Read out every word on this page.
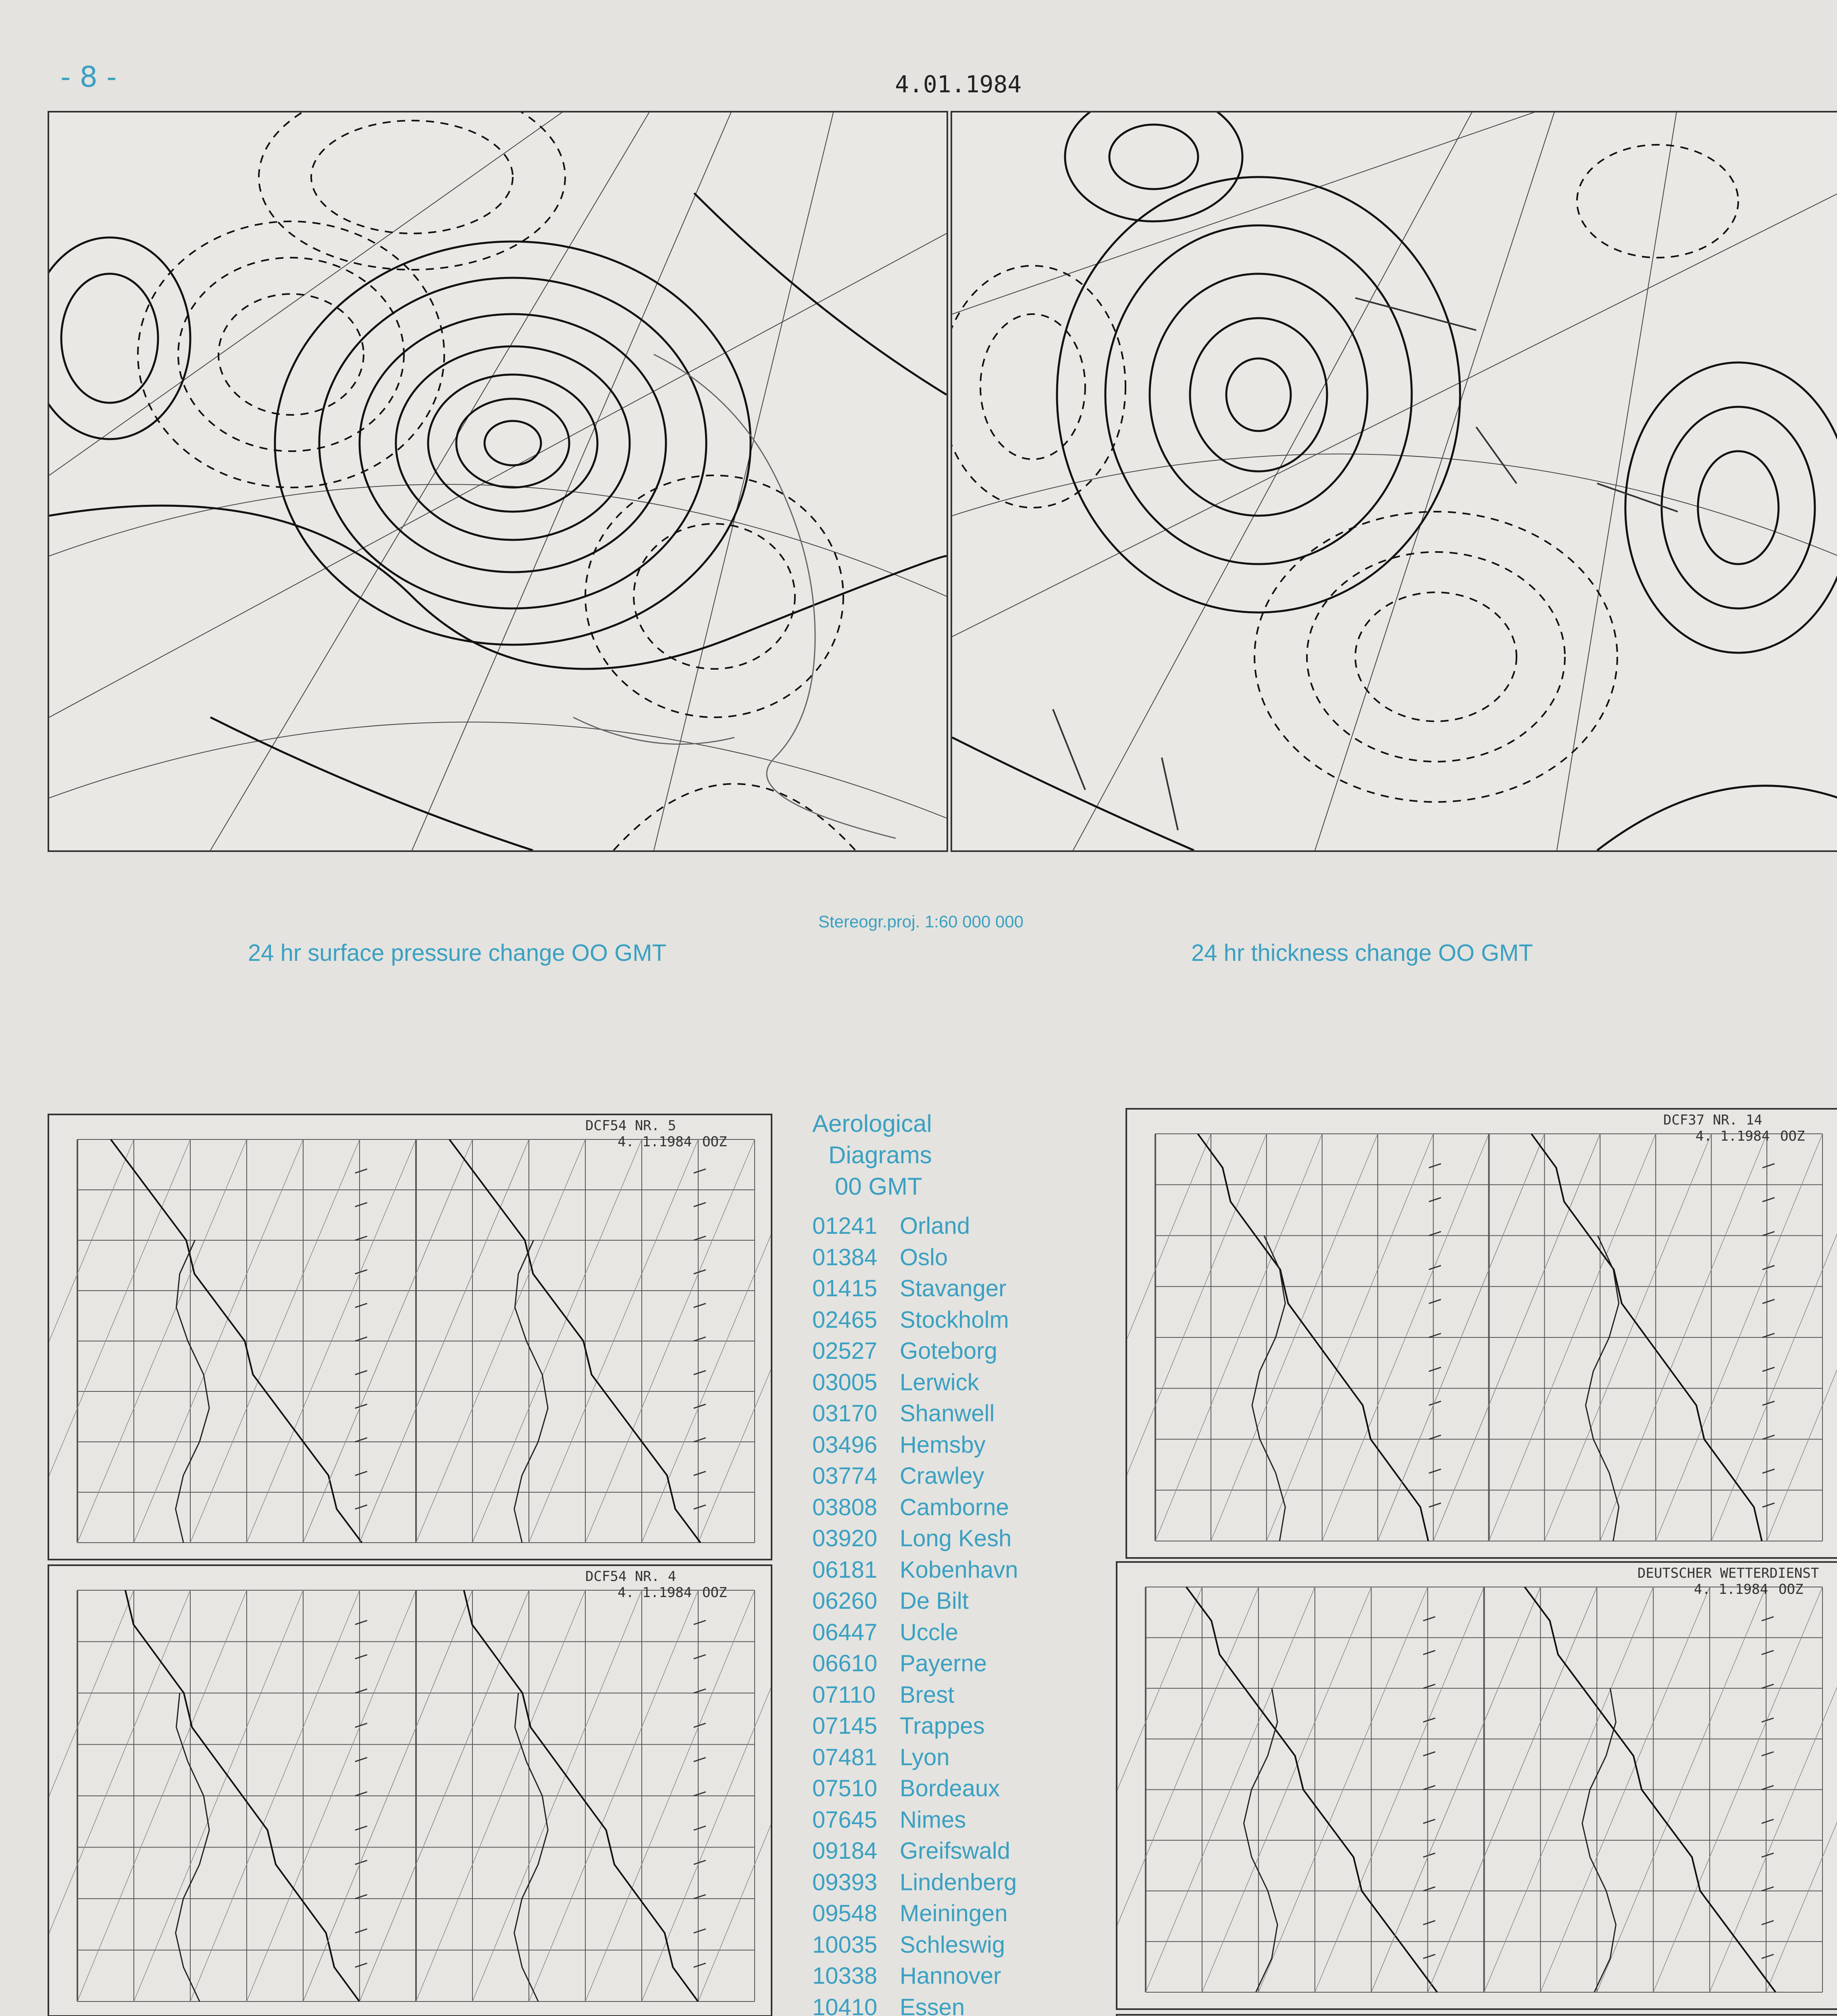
- 8 -	4.01.1984
Stereogr.proj. 1:60 000 000
24 hr surface pressure change OO GMT	24 hr thickness change OO GMT
DCF54 NR. 5
4. 1.1984 OOZ
DCF54 NR. 4
4. 1.1984 OOZ
DCF37 NR. 14
4. 1.1984 OOZ
DEUTSCHER WETTERDIENST
4. 1.1984 OOZ
Aerological
Diagrams
00 GMT
01241 Orland
01384 Oslo
01415 Stavanger
02465 Stockholm
02527 Goteborg
03005 Lerwick
03170 Shanwell
03496 Hemsby
03774 Crawley
03808 Camborne
03920 Long Kesh
06181 Kobenhavn
06260 De Bilt
06447 Uccle
06610 Payerne
07110	Brest
07145 Trappes
07481 Lyon
07510 Bordeaux
07645 Nimes
09184 Greifswald
09393 Lindenberg
09548 Meiningen
10035 Schleswig
10338 Hannover
10410 Essen
